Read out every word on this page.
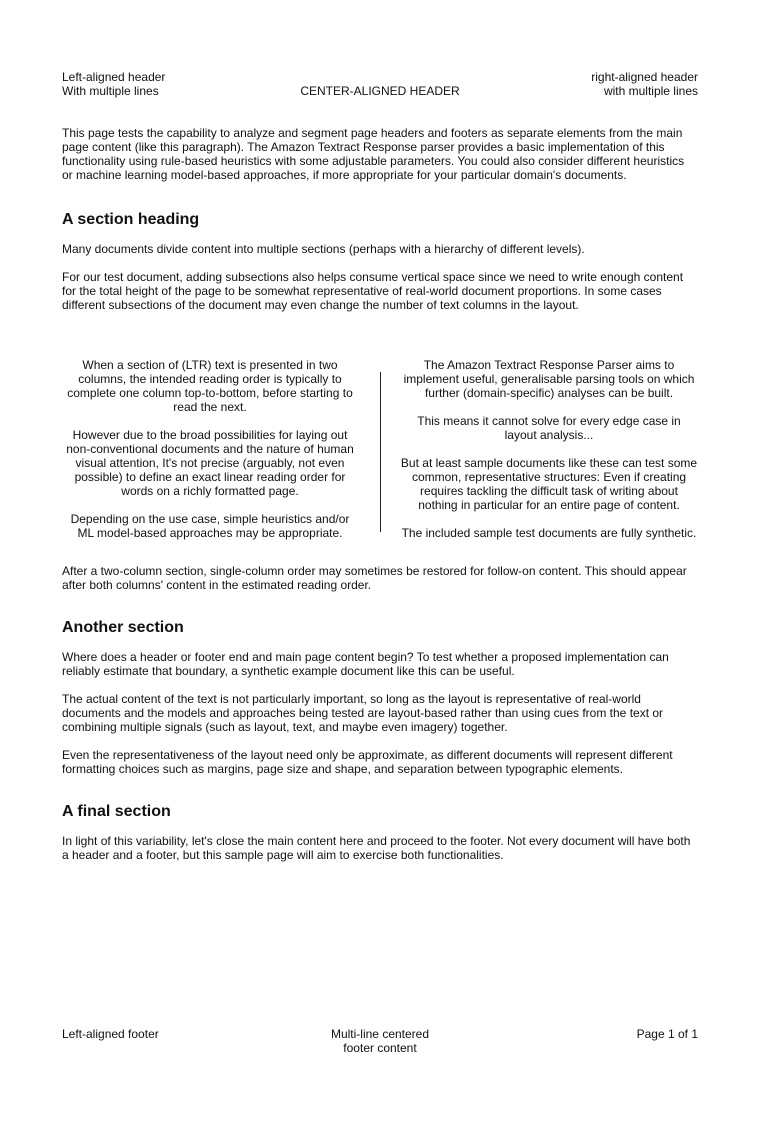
Left-aligned header
With multiple lines	CENTER-ALIGNED HEADER
right-aligned header
with multiple lines

This page tests the capability to analyze and segment page headers and footers as separate elements from the main page content (like this paragraph). The Amazon Textract Response parser provides a basic implementation of this functionality using rule-based heuristics with some adjustable parameters. You could also consider different heuristics or machine learning model-based approaches, if more appropriate for your particular domain's documents.

A section heading

Many documents divide content into multiple sections (perhaps with a hierarchy of different levels).

For our test document, adding subsections also helps consume vertical space since we need to write enough content for the total height of the page to be somewhat representative of real-world document proportions. In some cases different subsections of the document may even change the number of text columns in the layout.

When a section of (LTR) text is presented in two columns, the intended reading order is typically to complete one column top-to-bottom, before starting to read the next.

However due to the broad possibilities for laying out non-conventional documents and the nature of human visual attention, It's not precise (arguably, not even possible) to define an exact linear reading order for words on a richly formatted page.

Depending on the use case, simple heuristics and/or ML model-based approaches may be appropriate.

The Amazon Textract Response Parser aims to implement useful, generalisable parsing tools on which further (domain-specific) analyses can be built.

This means it cannot solve for every edge case in layout analysis...

But at least sample documents like these can test some common, representative structures: Even if creating requires tackling the difficult task of writing about nothing in particular for an entire page of content.

The included sample test documents are fully synthetic.

After a two-column section, single-column order may sometimes be restored for follow-on content. This should appear after both columns' content in the estimated reading order.

Another section

Where does a header or footer end and main page content begin? To test whether a proposed implementation can reliably estimate that boundary, a synthetic example document like this can be useful.

The actual content of the text is not particularly important, so long as the layout is representative of real-world documents and the models and approaches being tested are layout-based rather than using cues from the text or combining multiple signals (such as layout, text, and maybe even imagery) together.

Even the representativeness of the layout need only be approximate, as different documents will represent different formatting choices such as margins, page size and shape, and separation between typographic elements.

A final section

In light of this variability, let's close the main content here and proceed to the footer. Not every document will have both a header and a footer, but this sample page will aim to exercise both functionalities.

Left-aligned footer	Multi-line centered
footer content
Page 1 of 1
